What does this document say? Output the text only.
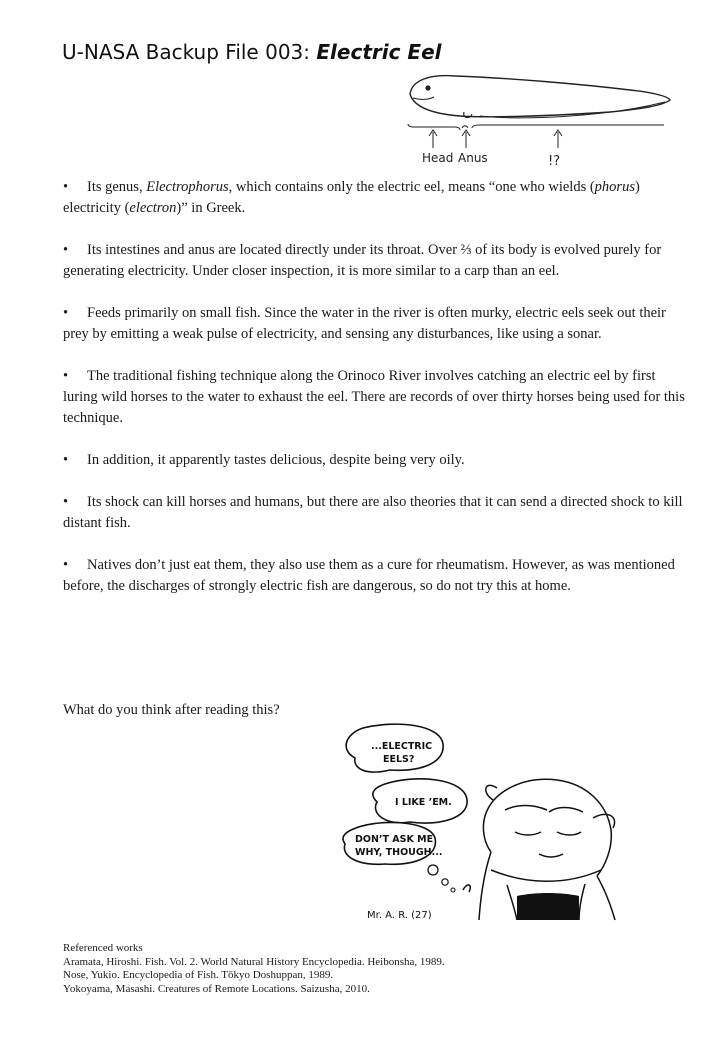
U-NASA Backup File 003: Electric Eel
Head Anus	!?
• Its genus, Electrophorus, which contains only the electric eel, means “one who wields (phorus) electricity (electron)” in Greek.
• Its intestines and anus are located directly under its throat. Over ⅔ of its body is evolved purely for generating electricity. Under closer inspection, it is more similar to a carp than an eel.
• Feeds primarily on small fish. Since the water in the river is often murky, electric eels seek out their prey by emitting a weak pulse of electricity, and sensing any disturbances, like using a sonar.
• The traditional fishing technique along the Orinoco River involves catching an electric eel by first luring wild horses to the water to exhaust the eel. There are records of over thirty horses being used for this technique.
• In addition, it apparently tastes delicious, despite being very oily.
• Its shock can kill horses and humans, but there are also theories that it can send a directed shock to kill distant fish.
• Natives don’t just eat them, they also use them as a cure for rheumatism. However, as was mentioned before, the discharges of strongly electric fish are dangerous, so do not try this at home.

What do you think after reading this?

...ELECTRIC
EELS?
I LIKE ’EM.
DON’T ASK ME
WHY, THOUGH...
Mr. A. R. (27)
Referenced works
Aramata, Hiroshi. Fish. Vol. 2. World Natural History Encyclopedia. Heibonsha, 1989.
Nose, Yukio. Encyclopedia of Fish. Tōkyo Doshuppan, 1989.
Yokoyama, Masashi. Creatures of Remote Locations. Saizusha, 2010.
